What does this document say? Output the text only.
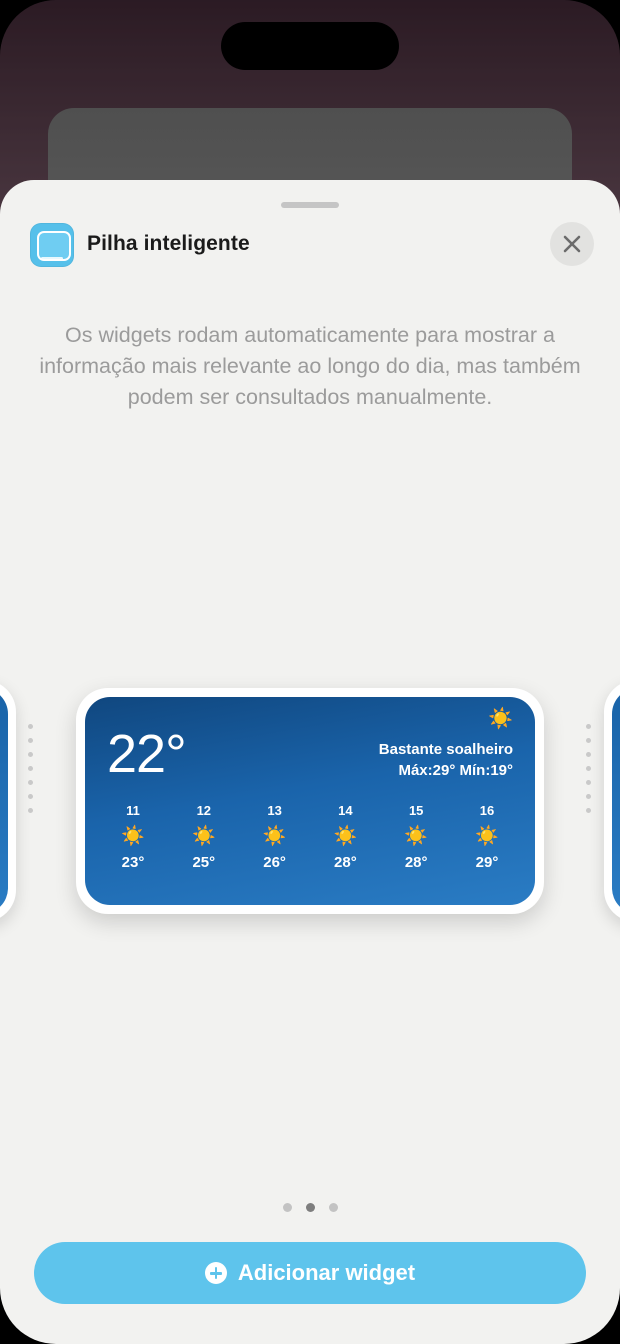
Pilha inteligente
Os widgets rodam automaticamente para mostrar a informação mais relevante ao longo do dia, mas também podem ser consultados manualmente.
22°
☀️
Bastante soalheiro
Máx:29° Mín:19°
11
☀️
23°
12
☀️
25°
13
☀️
26°
14
☀️
28°
15
☀️
28°
16
☀️
29°
Adicionar widget
